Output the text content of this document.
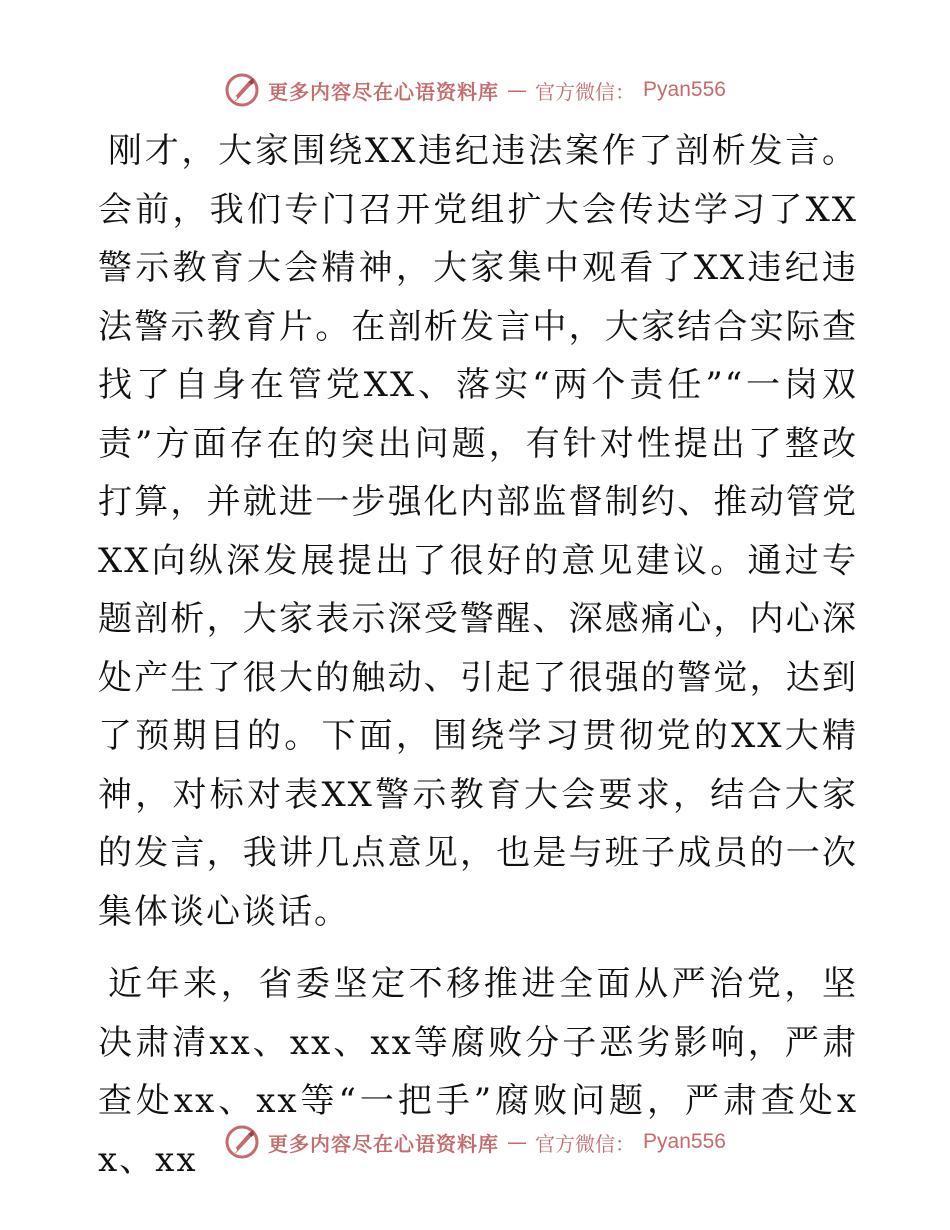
更多内容尽在心语资料库 — 官方微信： Pyan556

刚才，大家围绕XX违纪违法案作了剖析发言。会前，我们专门召开党组扩大会传达学习了XX警示教育大会精神，大家集中观看了XX违纪违法警示教育片。在剖析发言中，大家结合实际查找了自身在管党XX、落实“两个责任”“一岗双责”方面存在的突出问题，有针对性提出了整改打算，并就进一步强化内部监督制约、推动管党XX向纵深发展提出了很好的意见建议。通过专题剖析，大家表示深受警醒、深感痛心，内心深处产生了很大的触动、引起了很强的警觉，达到了预期目的。下面，围绕学习贯彻党的XX大精神，对标对表XX警示教育大会要求，结合大家的发言，我讲几点意见，也是与班子成员的一次集体谈心谈话。

近年来，省委坚定不移推进全面从严治党，坚决肃清xx、xx、xx等腐败分子恶劣影响，严肃查处xx、xx等“一把手”腐败问题，严肃查处xx、xx	更多内容尽在心语资料库 — 官方微信： Pyan556
